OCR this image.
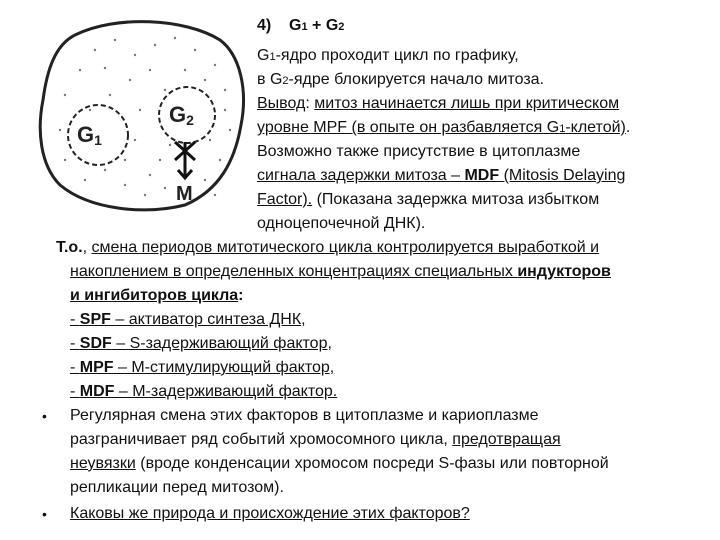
G1
G2
M
4) G1 + G2
G1-ядро проходит цикл по графику,
в G2-ядре блокируется начало митоза.
Вывод: митоз начинается лишь при критическом
уровне МРF (в опыте он разбавляется G1-клетой).
Возможно также присутствие в цитоплазме
сигнала задержки митоза – MDF (Mitosis Delaying
Factor). (Показана задержка митоза избытком
одноцепочечной ДНК).
Т.о., смена периодов митотического цикла контролируется выработкой и
накоплением в определенных концентрациях специальных индукторов
и ингибиторов цикла:
- SPF – активатор синтеза ДНК,
- SDF – S-задерживающий фактор,
- MPF – М-стимулирующий фактор,
- MDF – М-задерживающий фактор.
• Регулярная смена этих факторов в цитоплазме и кариоплазме
разграничивает ряд событий хромосомного цикла, предотвращая
неувязки (вроде конденсации хромосом посреди S-фазы или повторной
репликации перед митозом).
• Каковы же природа и происхождение этих факторов?
